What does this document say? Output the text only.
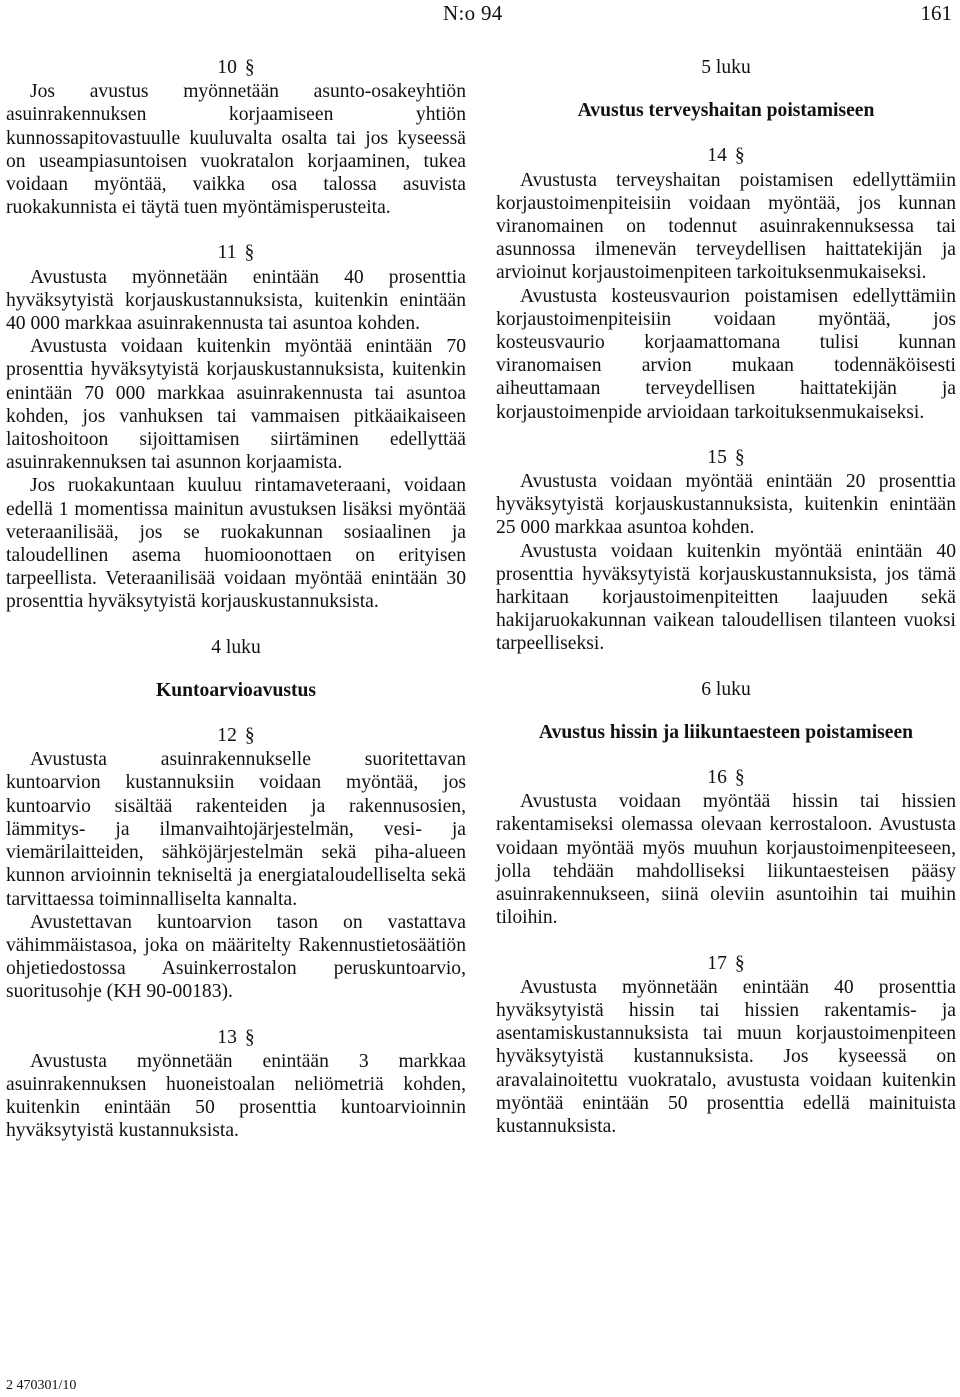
N:o 94	161
10 §

Jos avustus myönnetään asunto-osakeyhtiön asuinrakennuksen korjaamiseen yhtiön kunnossapitovastuulle kuuluvalta osalta tai jos kyseessä on useampiasuntoisen vuokratalon korjaaminen, tukea voidaan myöntää, vaikka osa talossa asuvista ruokakunnista ei täytä tuen myöntämisperusteita.

11 §

Avustusta myönnetään enintään 40 prosenttia hyväksytyistä korjauskustannuksista, kuitenkin enintään 40 000 markkaa asuinrakennusta tai asuntoa kohden.

Avustusta voidaan kuitenkin myöntää enintään 70 prosenttia hyväksytyistä korjauskustannuksista, kuitenkin enintään 70 000 markkaa asuinrakennusta tai asuntoa kohden, jos vanhuksen tai vammaisen pitkäaikaiseen laitoshoitoon sijoittamisen siirtäminen edellyttää asuinrakennuksen tai asunnon korjaamista.

Jos ruokakuntaan kuuluu rintamaveteraani, voidaan edellä 1 momentissa mainitun avustuksen lisäksi myöntää veteraanilisää, jos se ruokakunnan sosiaalinen ja taloudellinen asema huomioonottaen on erityisen tarpeellista. Veteraanilisää voidaan myöntää enintään 30 prosenttia hyväksytyistä korjauskustannuksista.

4 luku
Kuntoarvioavustus
12 §

Avustusta asuinrakennukselle suoritettavan kuntoarvion kustannuksiin voidaan myöntää, jos kuntoarvio sisältää rakenteiden ja rakennusosien, lämmitys- ja ilmanvaihtojärjestelmän, vesi- ja viemärilaitteiden, sähköjärjestelmän sekä piha-alueen kunnon arvioinnin tekniseltä ja energiataloudelliselta sekä tarvittaessa toiminnalliselta kannalta.

Avustettavan kuntoarvion tason on vastattava vähimmäistasoa, joka on määritelty Rakennustietosäätiön ohjetiedostossa Asuinkerrostalon peruskuntoarvio, suoritusohje (KH 90-00183).

13 §

Avustusta myönnetään enintään 3 markkaa asuinrakennuksen huoneistoalan neliömetriä kohden, kuitenkin enintään 50 prosenttia kuntoarvioinnin hyväksytyistä kustannuksista.

5 luku
Avustus terveyshaitan poistamiseen
14 §

Avustusta terveyshaitan poistamisen edellyttämiin korjaustoimenpiteisiin voidaan myöntää, jos kunnan viranomainen on todennut asuinrakennuksessa tai asunnossa ilmenevän terveydellisen haittatekijän ja arvioinut korjaustoimenpiteen tarkoituksenmukaiseksi.

Avustusta kosteusvaurion poistamisen edellyttämiin korjaustoimenpiteisiin voidaan myöntää, jos kosteusvaurio korjaamattomana tulisi kunnan viranomaisen arvion mukaan todennäköisesti aiheuttamaan terveydellisen haittatekijän ja korjaustoimenpide arvioidaan tarkoituksenmukaiseksi.

15 §

Avustusta voidaan myöntää enintään 20 prosenttia hyväksytyistä korjauskustannuksista, kuitenkin enintään 25 000 markkaa asuntoa kohden.

Avustusta voidaan kuitenkin myöntää enintään 40 prosenttia hyväksytyistä korjauskustannuksista, jos tämä harkitaan korjaustoimenpiteitten laajuuden sekä hakijaruokakunnan vaikean taloudellisen tilanteen vuoksi tarpeelliseksi.

6 luku
Avustus hissin ja liikuntaesteen poistamiseen
16 §

Avustusta voidaan myöntää hissin tai hissien rakentamiseksi olemassa olevaan kerrostaloon. Avustusta voidaan myöntää myös muuhun korjaustoimenpiteeseen, jolla tehdään mahdolliseksi liikuntaesteisen pääsy asuinrakennukseen, siinä oleviin asuntoihin tai muihin tiloihin.

17 §

Avustusta myönnetään enintään 40 prosenttia hyväksytyistä hissin tai hissien rakentamis- ja asentamiskustannuksista tai muun korjaustoimenpiteen hyväksytyistä kustannuksista. Jos kyseessä on aravalainoitettu vuokratalo, avustusta voidaan kuitenkin myöntää enintään 50 prosenttia edellä mainituista kustannuksista.

2 470301/10
